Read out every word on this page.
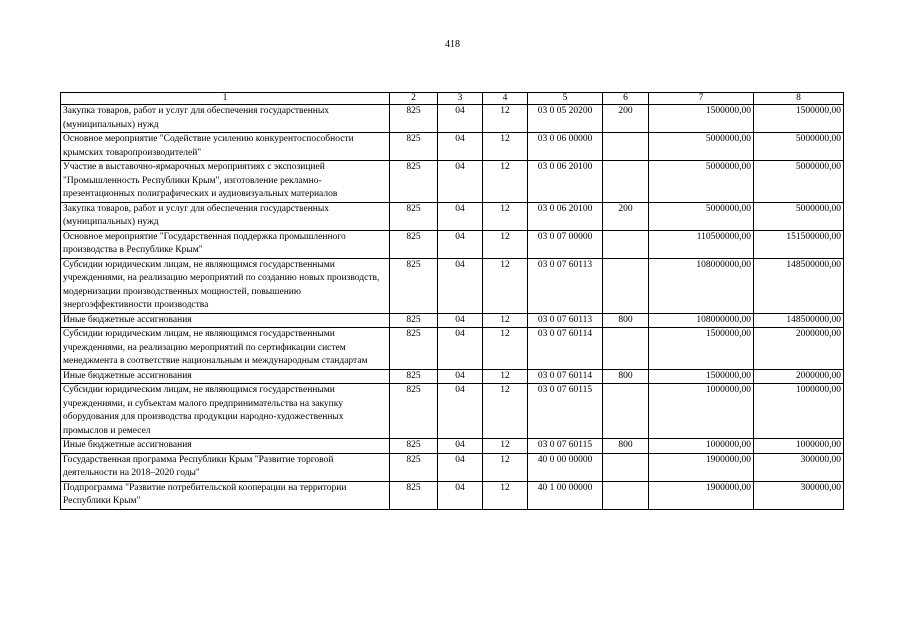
418
1	2	3	4	5	6	7	8
Закупка товаров, работ и услуг для обеспечения государственных (муниципальных) нужд	825	04	12	03 0 05 20200	200	1500000,00	1500000,00
Основное мероприятие "Содействие усилению конкурентоспособности крымских товаропроизводителей"	825	04	12	03 0 06 00000		5000000,00	5000000,00
Участие в выставочно-ярмарочных мероприятиях с экспозицией "Промышленность Республики Крым", изготовление рекламно-презентационных полиграфических и аудиовизуальных материалов	825	04	12	03 0 06 20100		5000000,00	5000000,00
Закупка товаров, работ и услуг для обеспечения государственных (муниципальных) нужд	825	04	12	03 0 06 20100	200	5000000,00	5000000,00
Основное мероприятие "Государственная поддержка промышленного производства в Республике Крым"	825	04	12	03 0 07 00000		110500000,00	151500000,00
Субсидии юридическим лицам, не являющимся государственными учреждениями, на реализацию мероприятий по созданию новых производств, модернизации производственных мощностей, повышению энергоэффективности производства	825	04	12	03 0 07 60113		108000000,00	148500000,00
Иные бюджетные ассигнования	825	04	12	03 0 07 60113	800	108000000,00	148500000,00
Субсидии юридическим лицам, не являющимся государственными учреждениями, на реализацию мероприятий по сертификации систем менеджмента в соответствие национальным и международным стандартам	825	04	12	03 0 07 60114		1500000,00	2000000,00
Иные бюджетные ассигнования	825	04	12	03 0 07 60114	800	1500000,00	2000000,00
Субсидии юридическим лицам, не являющимся государственными учреждениями, и субъектам малого предпринимательства на закупку оборудования для производства продукции народно-художественных промыслов и ремесел	825	04	12	03 0 07 60115		1000000,00	1000000,00
Иные бюджетные ассигнования	825	04	12	03 0 07 60115	800	1000000,00	1000000,00
Государственная программа Республики Крым "Развитие торговой деятельности на 2018–2020 годы"	825	04	12	40 0 00 00000		1900000,00	300000,00
Подпрограмма "Развитие потребительской кооперации на территории Республики Крым"	825	04	12	40 1 00 00000		1900000,00	300000,00
